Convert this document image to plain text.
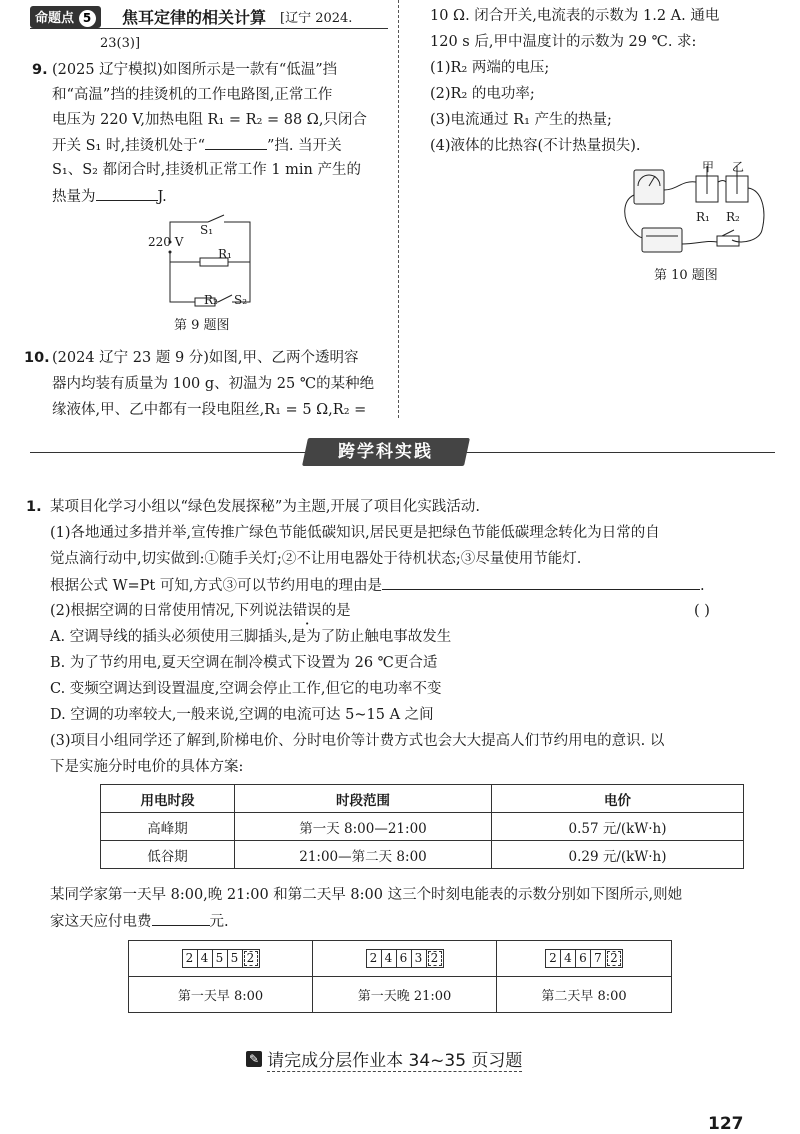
命题点 5	焦耳定律的相关计算 [辽宁 2024.
23(3)]
9. (2025 辽宁模拟)如图所示是一款有“低温”挡
和“高温”挡的挂烫机的工作电路图,正常工作
电压为 220 V,加热电阻 R₁ = R₂ = 88 Ω,只闭合
开关 S₁ 时,挂烫机处于“	”挡. 当开关
S₁、S₂ 都闭合时,挂烫机正常工作 1 min 产生的
热量为	J.
220 V
S₁
R₁
R₂ S₂
第 9 题图
10. (2024 辽宁 23 题 9 分)如图,甲、乙两个透明容
器内均装有质量为 100 g、初温为 25 ℃的某种绝
缘液体,甲、乙中都有一段电阻丝,R₁ = 5 Ω,R₂ =
10 Ω. 闭合开关,电流表的示数为 1.2 A. 通电
120 s 后,甲中温度计的示数为 29 ℃. 求:
(1)R₂ 两端的电压;
(2)R₂ 的电功率;
(3)电流通过 R₁ 产生的热量;
(4)液体的比热容(不计热量损失).
甲 乙
R₁ R₂
第 10 题图
跨学科实践
1. 某项目化学习小组以“绿色发展探秘”为主题,开展了项目化实践活动.
(1)各地通过多措并举,宣传推广绿色节能低碳知识,居民更是把绿色节能低碳理念转化为日常的自
觉点滴行动中,切实做到:①随手关灯;②不让用电器处于待机状态;③尽量使用节能灯.
根据公式 W=Pt 可知,方式③可以节约用电的理由是	.
(2)根据空调的日常使用情况,下列说法错误的是	( )
A. 空调导线的插头必须使用三脚插头,是为了防止触电事故发生
B. 为了节约用电,夏天空调在制冷模式下设置为 26 ℃更合适
C. 变频空调达到设置温度,空调会停止工作,但它的电功率不变
D. 空调的功率较大,一般来说,空调的电流可达 5~15 A 之间
(3)项目小组同学还了解到,阶梯电价、分时电价等计费方式也会大大提高人们节约用电的意识. 以
下是实施分时电价的具体方案:
用电时段	时段范围	电价
高峰期	第一天 8:00—21:00	0.57 元/(kW·h)
低谷期	21:00—第二天 8:00	0.29 元/(kW·h)
某同学家第一天早 8:00,晚 21:00 和第二天早 8:00 这三个时刻电能表的示数分别如下图所示,则她
家这天应付电费	元.
2 4 5 5 2	2 4 6 3 2	2 4 6 7 2

第一天早 8:00	第一天晚 21:00	第二天早 8:00
✎ 请完成分层作业本 34~35 页习题
127
